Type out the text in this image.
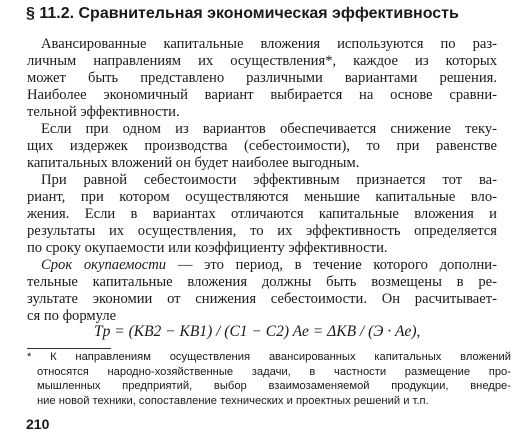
§ 11.2. Сравнительная экономическая эффективность
Авансированные капитальные вложения используются по раз-
личным направлениям их осуществления*, каждое из которых
может быть представлено различными вариантами решения.
Наиболее экономичный вариант выбирается на основе сравни-
тельной эффективности.
Если при одном из вариантов обеспечивается снижение теку-
щих издержек производства (себестоимости), то при равенстве
капитальных вложений он будет наиболее выгодным.
При равной себестоимости эффективным признается тот ва-
риант, при котором осуществляются меньшие капитальные вло-
жения. Если в вариантах отличаются капитальные вложения и
результаты их осуществления, то их эффективность определяется
по сроку окупаемости или коэффициенту эффективности.
Срок окупаемости — это период, в течение которого дополни-
тельные капитальные вложения должны быть возмещены в ре-
зультате экономии от снижения себестоимости. Он расчитывает-
ся по формуле
Tp = (KB2 − KB1) / (C1 − C2) Ae = ΔKB / (Э · Ae),
* К направлениям осуществления авансированных капитальных вложений
относятся народно-хозяйственные задачи, в частности размещение про-
мышленных предприятий, выбор взаимозаменяемой продукции, внедре-
ние новой техники, сопоставление технических и проектных решений и т.п.
210
